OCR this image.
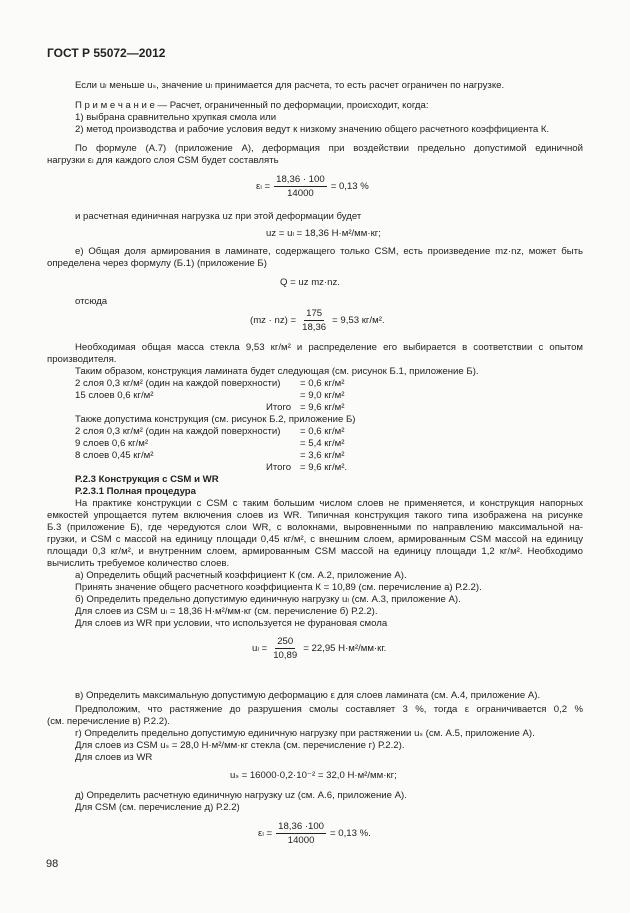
ГОСТ Р 55072—2012
Если uₗ меньше uₛ, значение uₗ принимается для расчета, то есть расчет ограничен по нагрузке.
П р и м е ч а н и е — Расчет, ограниченный по деформации, происходит, когда:
1) выбрана сравнительно хрупкая смола или
2) метод производства и рабочие условия ведут к низкому значению общего расчетного коэффициента К.
По формуле (А.7) (приложение А), деформация при воздействии предельно допустимой единичной
нагрузки εₗ для каждого слоя CSM будет составлять
$\varepsilon_l = \frac{18,36 \cdot 100}{14000} = 0,13$ %
и расчетная единичная нагрузка uᴢ при этой деформации будет
uᴢ = uₗ = 18,36 Н·м²/мм·кг;
е) Общая доля армирования в ламинате, содержащего только CSM, есть произведение mᴢ·nᴢ, может быть
определена через формулу (Б.1) (приложение Б)
Q = uᴢ mᴢ·nᴢ.
отсюда
(mᴢ · nᴢ) = $\frac{175}{18,36} = 9,53$ кг/м².
Необходимая общая масса стекла 9,53 кг/м² и распределение его выбирается в соответствии с опытом
производителя.
Таким образом, конструкция ламината будет следующая (см. рисунок Б.1, приложение Б).
2 слоя 0,3 кг/м² (один на каждой поверхности) = 0,6 кг/м²
15 слоев 0,6 кг/м²	= 9,0 кг/м²
Итого = 9,6 кг/м²
Также допустима конструкция (см. рисунок Б.2, приложение Б)
2 слоя 0,3 кг/м² (один на каждой поверхности) = 0,6 кг/м²
9 слоев 0,6 кг/м²	= 5,4 кг/м²
8 слоев 0,45 кг/м²	= 3,6 кг/м²
Итого = 9,6 кг/м².
Р.2.3 Конструкция с CSM и WR
Р.2.3.1 Полная процедура
На практике конструкции с CSM с таким большим числом слоев не применяется, и конструкция напорных
емкостей упрощается путем включения слоев из WR. Типичная конструкция такого типа изображена на рисунке
Б.3 (приложение Б), где чередуются слои WR, с волокнами, выровненными по направлению максимальной на-
грузки, и CSM с массой на единицу площади 0,45 кг/м², с внешним слоем, армированным CSM массой на единицу
площади 0,3 кг/м², и внутренним слоем, армированным CSM массой на единицу площади 1,2 кг/м². Необходимо
вычислить требуемое количество слоев.
а) Определить общий расчетный коэффициент К (см. А.2, приложение А).
Принять значение общего расчетного коэффициента К = 10,89 (см. перечисление а) Р.2.2).
б) Определить предельно допустимую единичную нагрузку uₗ (см. А.3, приложение А).
Для слоев из CSM uₗ = 18,36 Н·м²/мм·кг (см. перечисление б) Р.2.2).
Для слоев из WR при условии, что используется не фурановая смола
$u_l = \frac{250}{10,89} = 22,95$ Н·м²/мм·кг.
в) Определить максимальную допустимую деформацию ε для слоев ламината (см. А.4, приложение А).
Предположим, что растяжение до разрушения смолы составляет 3 %, тогда ε ограничивается 0,2 %
(см. перечисление в) Р.2.2).
г) Определить предельно допустимую единичную нагрузку при растяжении uₛ (см. А.5, приложение А).
Для слоев из CSM uₛ = 28,0 Н·м²/мм·кг стекла (см. перечисление г) Р.2.2).
Для слоев из WR
uₛ = 16000·0,2·10⁻² = 32,0 Н·м²/мм·кг;
д) Определить расчетную единичную нагрузку uᴢ (см. А.6, приложение А).
Для CSM (см. перечисление д) Р.2.2)
$\varepsilon_l = \frac{18,36 \cdot 100}{14000} = 0,13$ %.
98
